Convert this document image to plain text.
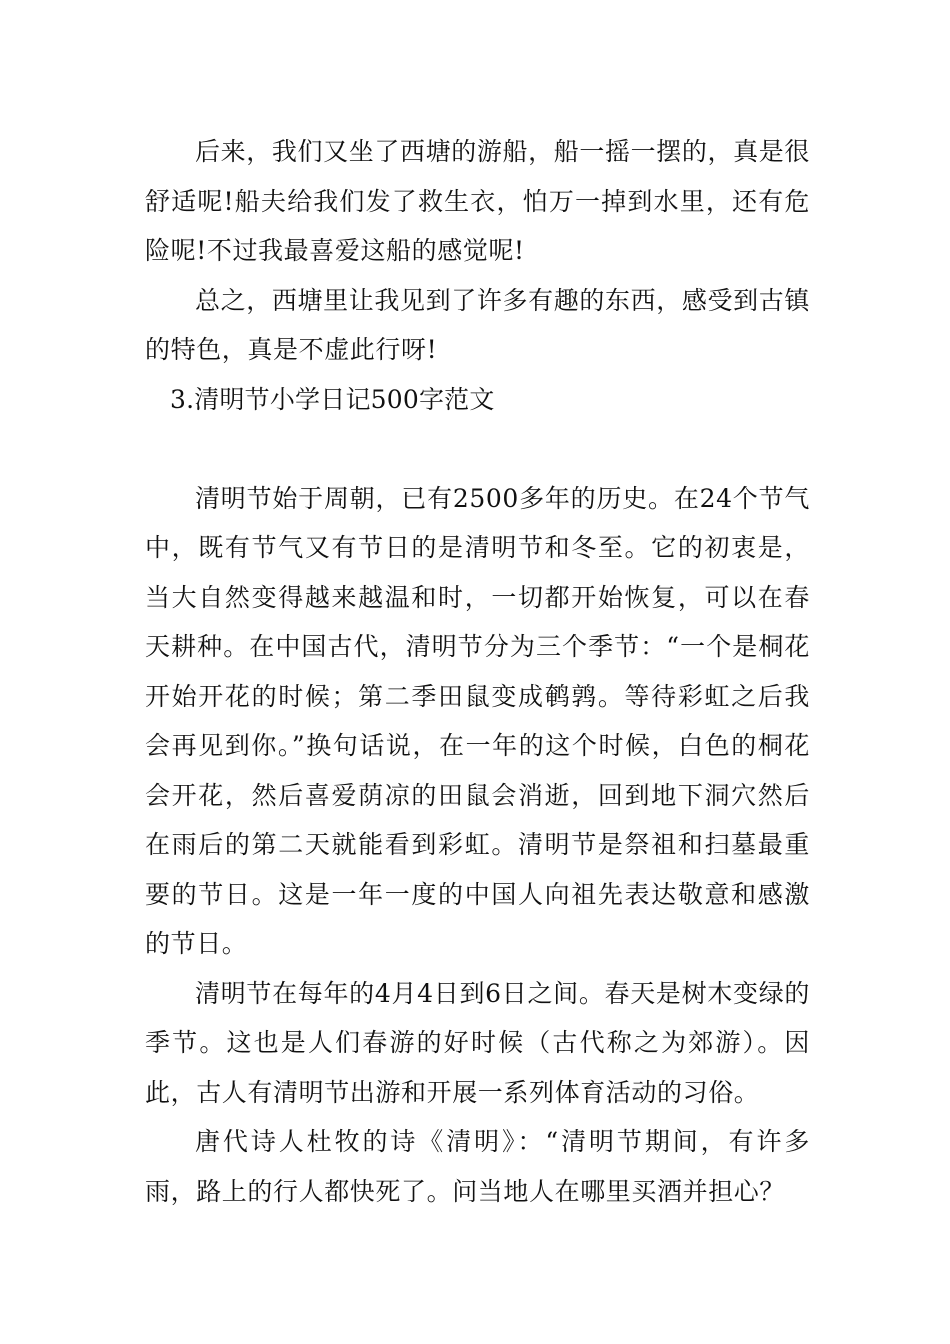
后来，我们又坐了西塘的游船，船一摇一摆的，真是很舒适呢!船夫给我们发了救生衣，怕万一掉到水里，还有危险呢!不过我最喜爱这船的感觉呢!

总之，西塘里让我见到了许多有趣的东西，感受到古镇的特色，真是不虚此行呀!

3.清明节小学日记500字范文

清明节始于周朝，已有2500多年的历史。在24个节气中，既有节气又有节日的是清明节和冬至。它的初衷是，当大自然变得越来越温和时，一切都开始恢复，可以在春天耕种。在中国古代，清明节分为三个季节：“一个是桐花开始开花的时候；第二季田鼠变成鹌鹑。等待彩虹之后我会再见到你。”换句话说，在一年的这个时候，白色的桐花会开花，然后喜爱荫凉的田鼠会消逝，回到地下洞穴然后在雨后的第二天就能看到彩虹。清明节是祭祖和扫墓最重要的节日。这是一年一度的中国人向祖先表达敬意和感激的节日。

清明节在每年的4月4日到6日之间。春天是树木变绿的季节。这也是人们春游的好时候（古代称之为郊游）。因此，古人有清明节出游和开展一系列体育活动的习俗。

唐代诗人杜牧的诗《清明》：“清明节期间，有许多雨，路上的行人都快死了。问当地人在哪里买酒并担心？
